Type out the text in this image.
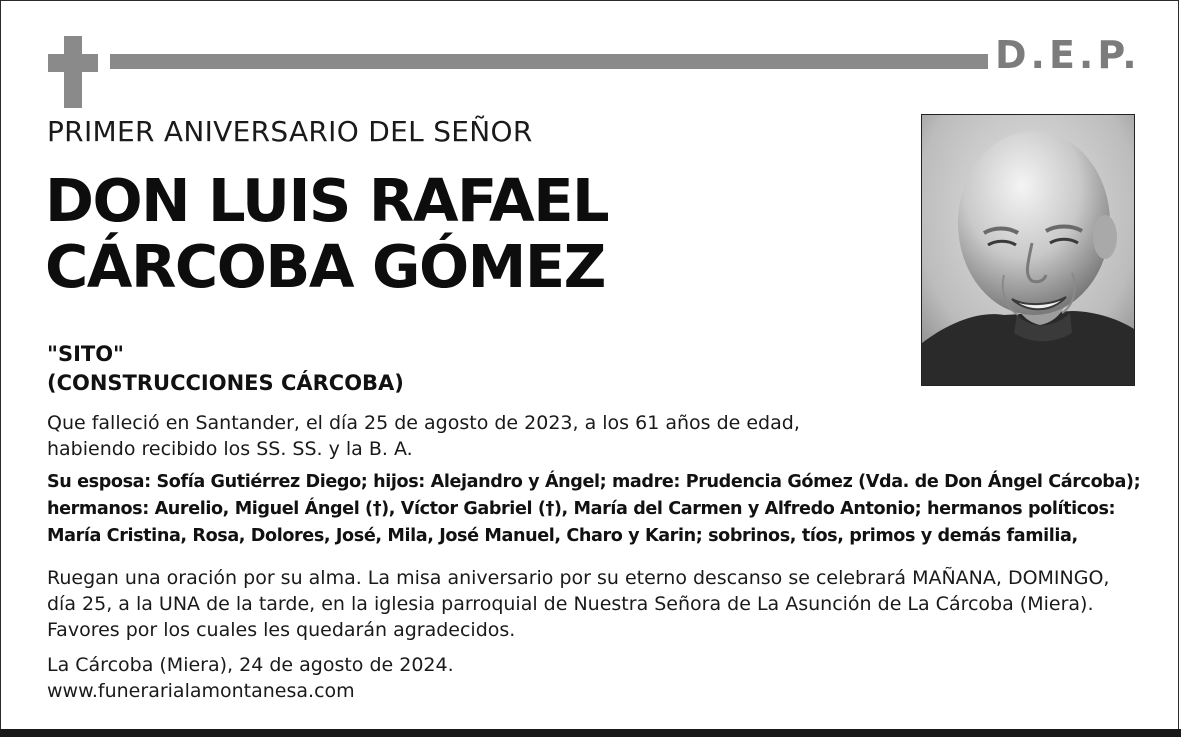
D.E.P.
PRIMER ANIVERSARIO DEL SEÑOR
DON LUIS RAFAEL
CÁRCOBA GÓMEZ
"SITO"
(CONSTRUCCIONES CÁRCOBA)
Que falleció en Santander, el día 25 de agosto de 2023, a los 61 años de edad,
habiendo recibido los SS. SS. y la B. A.
Su esposa: Sofía Gutiérrez Diego; hijos: Alejandro y Ángel; madre: Prudencia Gómez (Vda. de Don Ángel Cárcoba);
hermanos: Aurelio, Miguel Ángel (†), Víctor Gabriel (†), María del Carmen y Alfredo Antonio; hermanos políticos:
María Cristina, Rosa, Dolores, José, Mila, José Manuel, Charo y Karin; sobrinos, tíos, primos y demás familia,
Ruegan una oración por su alma. La misa aniversario por su eterno descanso se celebrará MAÑANA, DOMINGO,
día 25, a la UNA de la tarde, en la iglesia parroquial de Nuestra Señora de La Asunción de La Cárcoba (Miera).
Favores por los cuales les quedarán agradecidos.
La Cárcoba (Miera), 24 de agosto de 2024.
www.funerarialamontanesa.com
